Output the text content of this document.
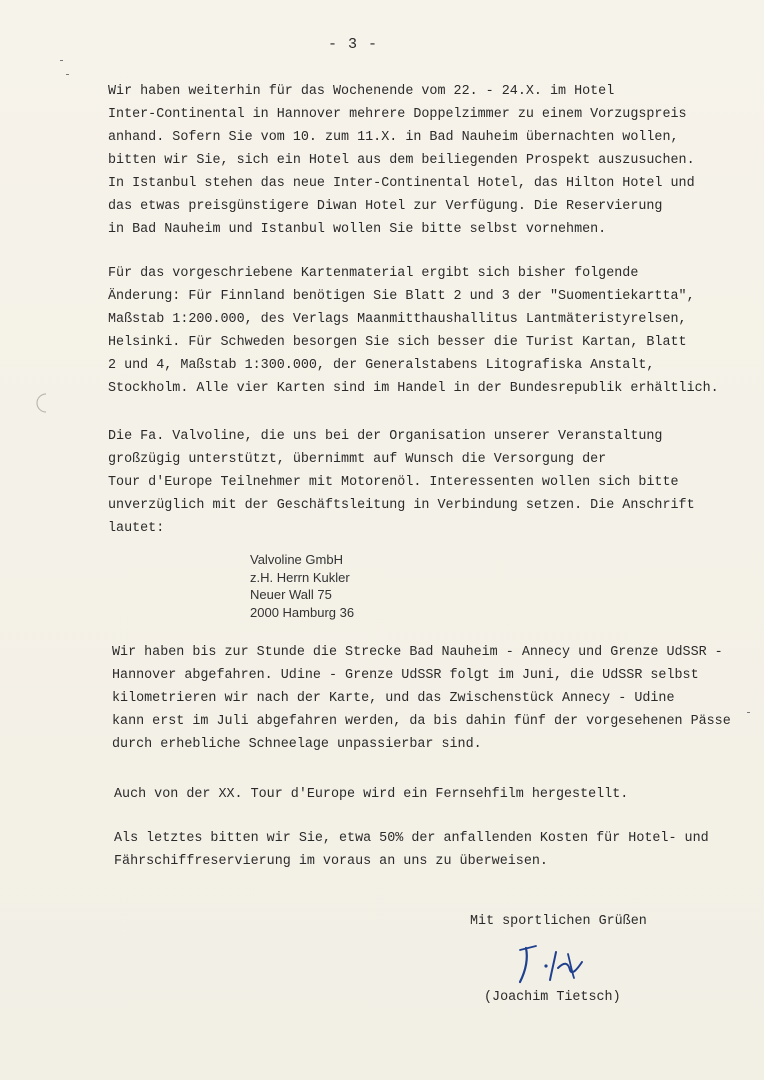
- 3 -
Wir haben weiterhin für das Wochenende vom 22. - 24.X. im Hotel
Inter-Continental in Hannover mehrere Doppelzimmer zu einem Vorzugspreis
anhand. Sofern Sie vom 10. zum 11.X. in Bad Nauheim übernachten wollen,
bitten wir Sie, sich ein Hotel aus dem beiliegenden Prospekt auszusuchen.
In Istanbul stehen das neue Inter-Continental Hotel, das Hilton Hotel und
das etwas preisgünstigere Diwan Hotel zur Verfügung. Die Reservierung
in Bad Nauheim und Istanbul wollen Sie bitte selbst vornehmen.
Für das vorgeschriebene Kartenmaterial ergibt sich bisher folgende
Änderung: Für Finnland benötigen Sie Blatt 2 und 3 der "Suomentiekartta",
Maßstab 1:200.000, des Verlags Maanmitthaushallitus Lantmäteristyrelsen,
Helsinki. Für Schweden besorgen Sie sich besser die Turist Kartan, Blatt
2 und 4, Maßstab 1:300.000, der Generalstabens Litografiska Anstalt,
Stockholm. Alle vier Karten sind im Handel in der Bundesrepublik erhältlich.
Die Fa. Valvoline, die uns bei der Organisation unserer Veranstaltung
großzügig unterstützt, übernimmt auf Wunsch die Versorgung der
Tour d'Europe Teilnehmer mit Motorenöl. Interessenten wollen sich bitte
unverzüglich mit der Geschäftsleitung in Verbindung setzen. Die Anschrift
lautet:
Valvoline GmbH
z.H. Herrn Kukler
Neuer Wall 75
2000 Hamburg 36
Wir haben bis zur Stunde die Strecke Bad Nauheim - Annecy und Grenze UdSSR -
Hannover abgefahren. Udine - Grenze UdSSR folgt im Juni, die UdSSR selbst
kilometrieren wir nach der Karte, und das Zwischenstück Annecy - Udine
kann erst im Juli abgefahren werden, da bis dahin fünf der vorgesehenen Pässe
durch erhebliche Schneelage unpassierbar sind.
Auch von der XX. Tour d'Europe wird ein Fernsehfilm hergestellt.
Als letztes bitten wir Sie, etwa 50% der anfallenden Kosten für Hotel- und
Fährschiffreservierung im voraus an uns zu überweisen.
Mit sportlichen Grüßen
(Joachim Tietsch)
